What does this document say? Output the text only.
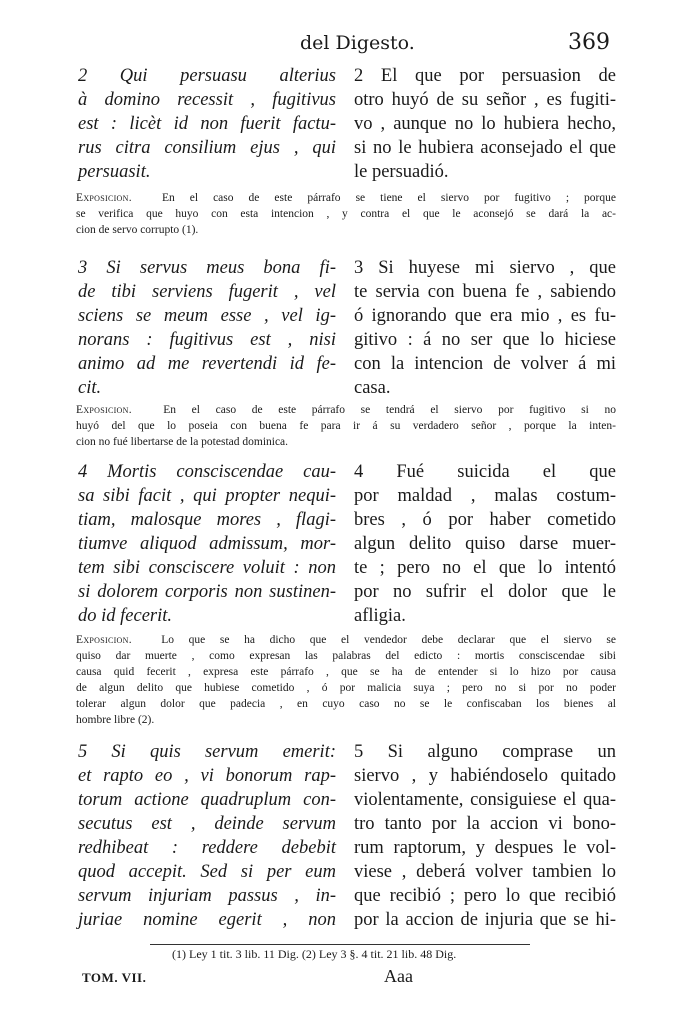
del Digesto.	369
2 Qui persuasu alterius
à domino recessit , fugitivus
est : licèt id non fuerit factu-
rus citra consilium ejus , qui
persuasit.
2 El que por persuasion de
otro huyó de su señor , es fugiti-
vo , aunque no lo hubiera hecho,
si no le hubiera aconsejado el que
le persuadió.
Exposicion.	En el caso de este párrafo se tiene el siervo por fugitivo ; porque
se verifica que huyo con esta intencion , y contra el que le aconsejó se dará la ac-
cion de servo corrupto (1).
3 Si servus meus bona fi-
de tibi serviens fugerit , vel
sciens se meum esse , vel ig-
norans : fugitivus est , nisi
animo ad me revertendi id fe-
cit.
3 Si huyese mi siervo , que
te servia con buena fe , sabiendo
ó ignorando que era mio , es fu-
gitivo : á no ser que lo hiciese
con la intencion de volver á mi
casa.
Exposicion.	En el caso de este párrafo se tendrá el siervo por fugitivo si no
huyó del que lo poseia con buena fe para ir á su verdadero señor , porque la inten-
cion no fué libertarse de la potestad dominica.
4 Mortis consciscendae cau-
sa sibi facit , qui propter nequi-
tiam, malosque mores , flagi-
tiumve aliquod admissum, mor-
tem sibi consciscere voluit : non
si dolorem corporis non sustinen-
do id fecerit.
4 Fué suicida el que
por maldad , malas costum-
bres , ó por haber cometido
algun delito quiso darse muer-
te ; pero no el que lo intentó
por no sufrir el dolor que le
afligia.
Exposicion.	Lo que se ha dicho que el vendedor debe declarar que el siervo se
quiso dar muerte , como expresan las palabras del edicto : mortis consciscendae sibi
causa quid fecerit , expresa este párrafo , que se ha de entender si lo hizo por causa
de algun delito que hubiese cometido , ó por malicia suya ; pero no si por no poder
tolerar algun dolor que padecia , en cuyo caso no se le confiscaban los bienes al
hombre libre (2).
5 Si quis servum emerit:
et rapto eo , vi bonorum rap-
torum actione quadruplum con-
secutus est , deinde servum
redhibeat : reddere debebit
quod accepit. Sed si per eum
servum injuriam passus , in-
juriae nomine egerit , non
5 Si alguno comprase un
siervo , y habiéndoselo quitado
violentamente, consiguiese el qua-
tro tanto por la accion vi bono-
rum raptorum, y despues le vol-
viese , deberá volver tambien lo
que recibió ; pero lo que recibió
por la accion de injuria que se hi-
(1) Ley 1 tit. 3 lib. 11 Dig. (2) Ley 3 §. 4 tit. 21 lib. 48 Dig.
TOM. VII.	Aaa
